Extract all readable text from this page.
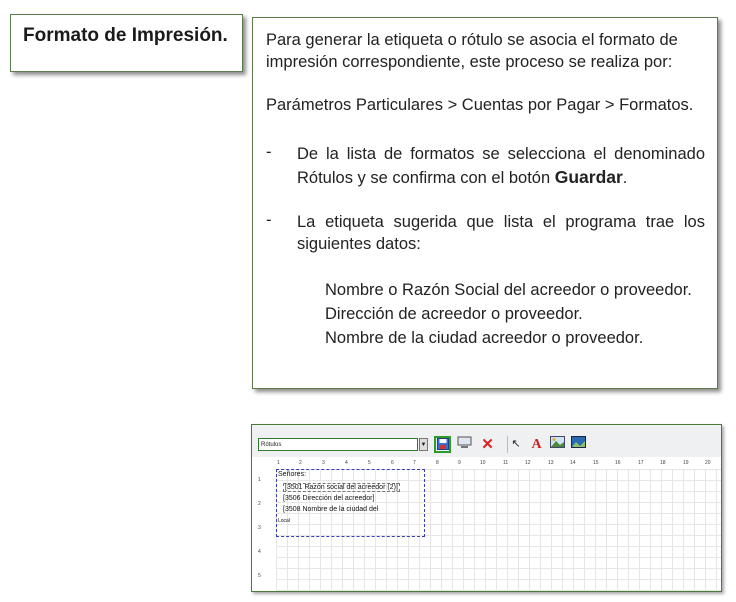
Formato de Impresión. Para generar la etiqueta o rótulo se asocia el formato de
impresión correspondiente, este proceso se realiza por:
Parámetros Particulares > Cuentas por Pagar > Formatos.
- De la lista de formatos se selecciona el denominado
Rótulos y se confirma con el botón Guardar.
- La etiqueta sugerida que lista el programa trae los
siguientes datos:
Nombre o Razón Social del acreedor o proveedor.
Dirección de acreedor o proveedor.
Nombre de la ciudad acreedor o proveedor.
Rótulos	▼	✕	↖ A
1	2	3	4	5	6	7	8	9	10	11	12	13	14	15	16	17	18	19	20
1
2
3
4
5
Señores:
[3501 Razón social del acreedor (2)]
[3506 Dirección del acreedor]
[3508 Nombre de la ciudad del
Local
